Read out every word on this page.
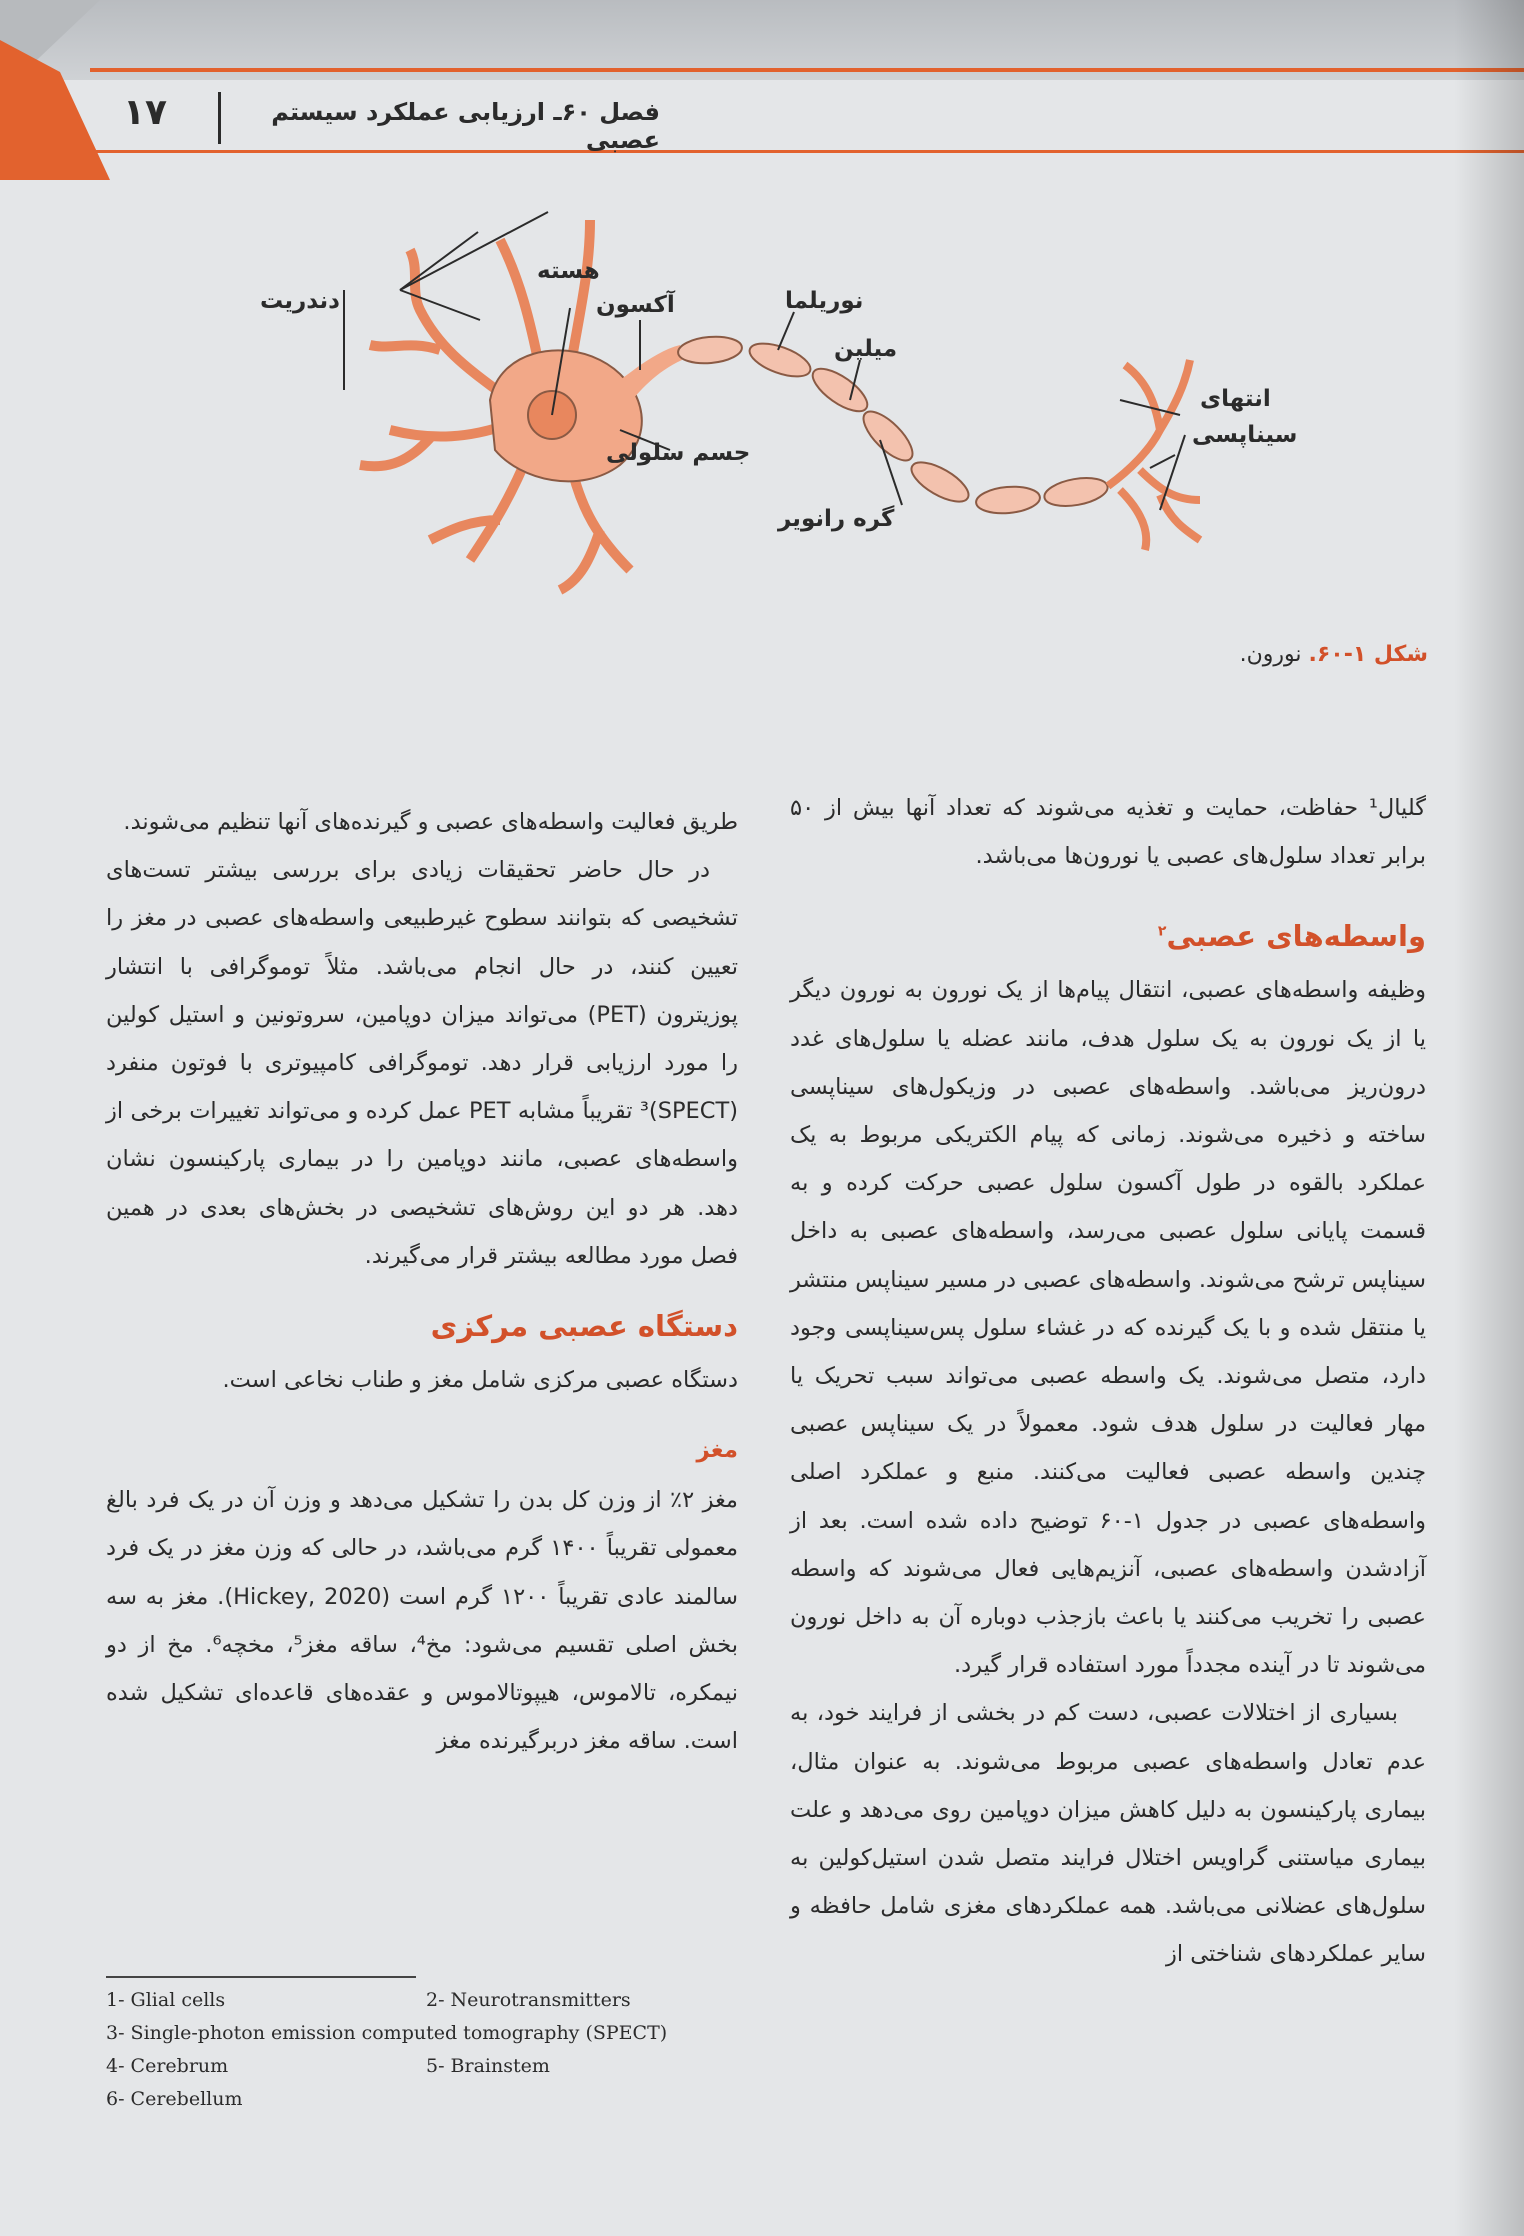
۱۷	فصل ۶۰ـ ارزیابی عملکرد سیستم عصبی
دندریت
هسته
آکسون	نوریلما
میلین
جسم سلولی
گره رانویر
انتهای
سیناپسی
شکل ۱-۶۰. نورون.

گلیال¹ حفاظت، حمایت و تغذیه می‌شوند که تعداد آنها بیش از ۵۰ برابر تعداد سلول‌های عصبی یا نورون‌ها می‌باشد.

واسطه‌های عصبی$^۲$

وظیفه واسطه‌های عصبی، انتقال پیام‌ها از یک نورون به نورون دیگر یا از یک نورون به یک سلول هدف، مانند عضله یا سلول‌های غدد درون‌ریز می‌باشد. واسطه‌های عصبی در وزیکول‌های سیناپسی ساخته و ذخیره می‌شوند. زمانی که پیام الکتریکی مربوط به یک عملکرد بالقوه در طول آکسون سلول عصبی حرکت کرده و به قسمت پایانی سلول عصبی می‌رسد، واسطه‌های عصبی به داخل سیناپس ترشح می‌شوند. واسطه‌های عصبی در مسیر سیناپس منتشر یا منتقل شده و با یک گیرنده که در غشاء سلول پس‌سیناپسی وجود دارد، متصل می‌شوند. یک واسطه عصبی می‌تواند سبب تحریک یا مهار فعالیت در سلول هدف شود. معمولاً در یک سیناپس عصبی چندین واسطه عصبی فعالیت می‌کنند. منبع و عملکرد اصلی واسطه‌های عصبی در جدول ۱-۶۰ توضیح داده شده است. بعد از آزادشدن واسطه‌های عصبی، آنزیم‌هایی فعال می‌شوند که واسطه عصبی را تخریب می‌کنند یا باعث بازجذب دوباره آن به داخل نورون می‌شوند تا در آینده مجدداً مورد استفاده قرار گیرد.

بسیاری از اختلالات عصبی، دست کم در بخشی از فرایند خود، به عدم تعادل واسطه‌های عصبی مربوط می‌شوند. به عنوان مثال، بیماری پارکینسون به دلیل کاهش میزان دوپامین روی می‌دهد و علت بیماری میاستنی گراویس اختلال فرایند متصل شدن استیل‌کولین به سلول‌های عضلانی می‌باشد. همه عملکردهای مغزی شامل حافظه و سایر عملکردهای شناختی از

طریق فعالیت واسطه‌های عصبی و گیرنده‌های آنها تنظیم می‌شوند.

در حال حاضر تحقیقات زیادی برای بررسی بیشتر تست‌های تشخیصی که بتوانند سطوح غیرطبیعی واسطه‌های عصبی در مغز را تعیین کنند، در حال انجام می‌باشد. مثلاً توموگرافی با انتشار پوزیترون (PET) می‌تواند میزان دوپامین، سروتونین و استیل کولین را مورد ارزیابی قرار دهد. توموگرافی کامپیوتری با فوتون منفرد (SPECT)³ تقریباً مشابه PET عمل کرده و می‌تواند تغییرات برخی از واسطه‌های عصبی، مانند دوپامین را در بیماری پارکینسون نشان دهد. هر دو این روش‌های تشخیصی در بخش‌های بعدی در همین فصل مورد مطالعه بیشتر قرار می‌گیرند.

دستگاه عصبی مرکزی

دستگاه عصبی مرکزی شامل مغز و طناب نخاعی است.

مغز

مغز ۲٪ از وزن کل بدن را تشکیل می‌دهد و وزن آن در یک فرد بالغ معمولی تقریباً ۱۴۰۰ گرم می‌باشد، در حالی که وزن مغز در یک فرد سالمند عادی تقریباً ۱۲۰۰ گرم است (Hickey, 2020). مغز به سه بخش اصلی تقسیم می‌شود: مخ⁴، ساقه مغز⁵، مخچه⁶. مخ از دو نیمکره، تالاموس، هیپوتالاموس و عقده‌های قاعده‌ای تشکیل شده است. ساقه مغز دربرگیرنده مغز

1- Glial cells	2- Neurotransmitters
3- Single-photon emission computed tomography (SPECT)
4- Cerebrum	5- Brainstem
6- Cerebellum
